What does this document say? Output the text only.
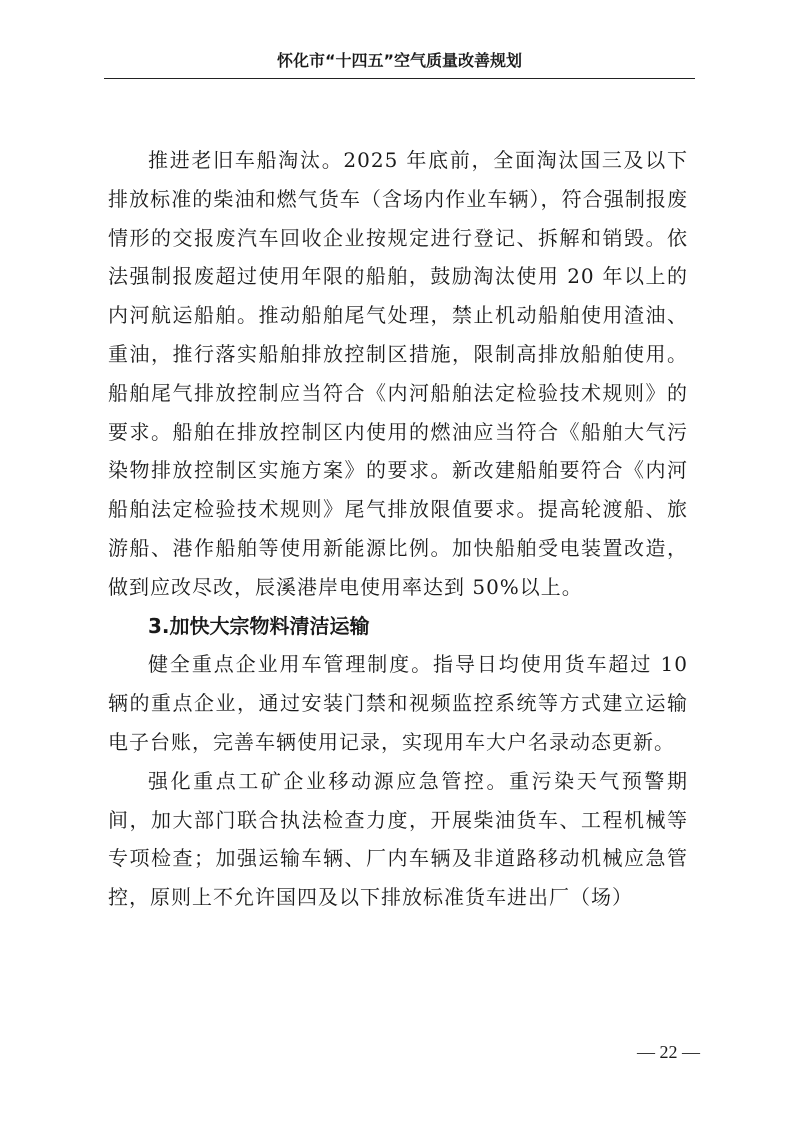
怀化市“十四五”空气质量改善规划

推进老旧车船淘汰。2025 年底前，全面淘汰国三及以下排放标准的柴油和燃气货车（含场内作业车辆），符合强制报废情形的交报废汽车回收企业按规定进行登记、拆解和销毁。依法强制报废超过使用年限的船舶，鼓励淘汰使用 20 年以上的内河航运船舶。推动船舶尾气处理，禁止机动船舶使用渣油、重油，推行落实船舶排放控制区措施，限制高排放船舶使用。船舶尾气排放控制应当符合《内河船舶法定检验技术规则》的要求。船舶在排放控制区内使用的燃油应当符合《船舶大气污染物排放控制区实施方案》的要求。新改建船舶要符合《内河船舶法定检验技术规则》尾气排放限值要求。提高轮渡船、旅游船、港作船舶等使用新能源比例。加快船舶受电装置改造，做到应改尽改，辰溪港岸电使用率达到 50%以上。

3.加快大宗物料清洁运输

健全重点企业用车管理制度。指导日均使用货车超过 10 辆的重点企业，通过安装门禁和视频监控系统等方式建立运输电子台账，完善车辆使用记录，实现用车大户名录动态更新。

强化重点工矿企业移动源应急管控。重污染天气预警期间，加大部门联合执法检查力度，开展柴油货车、工程机械等专项检查；加强运输车辆、厂内车辆及非道路移动机械应急管控，原则上不允许国四及以下排放标准货车进出厂（场）

— 22 —
